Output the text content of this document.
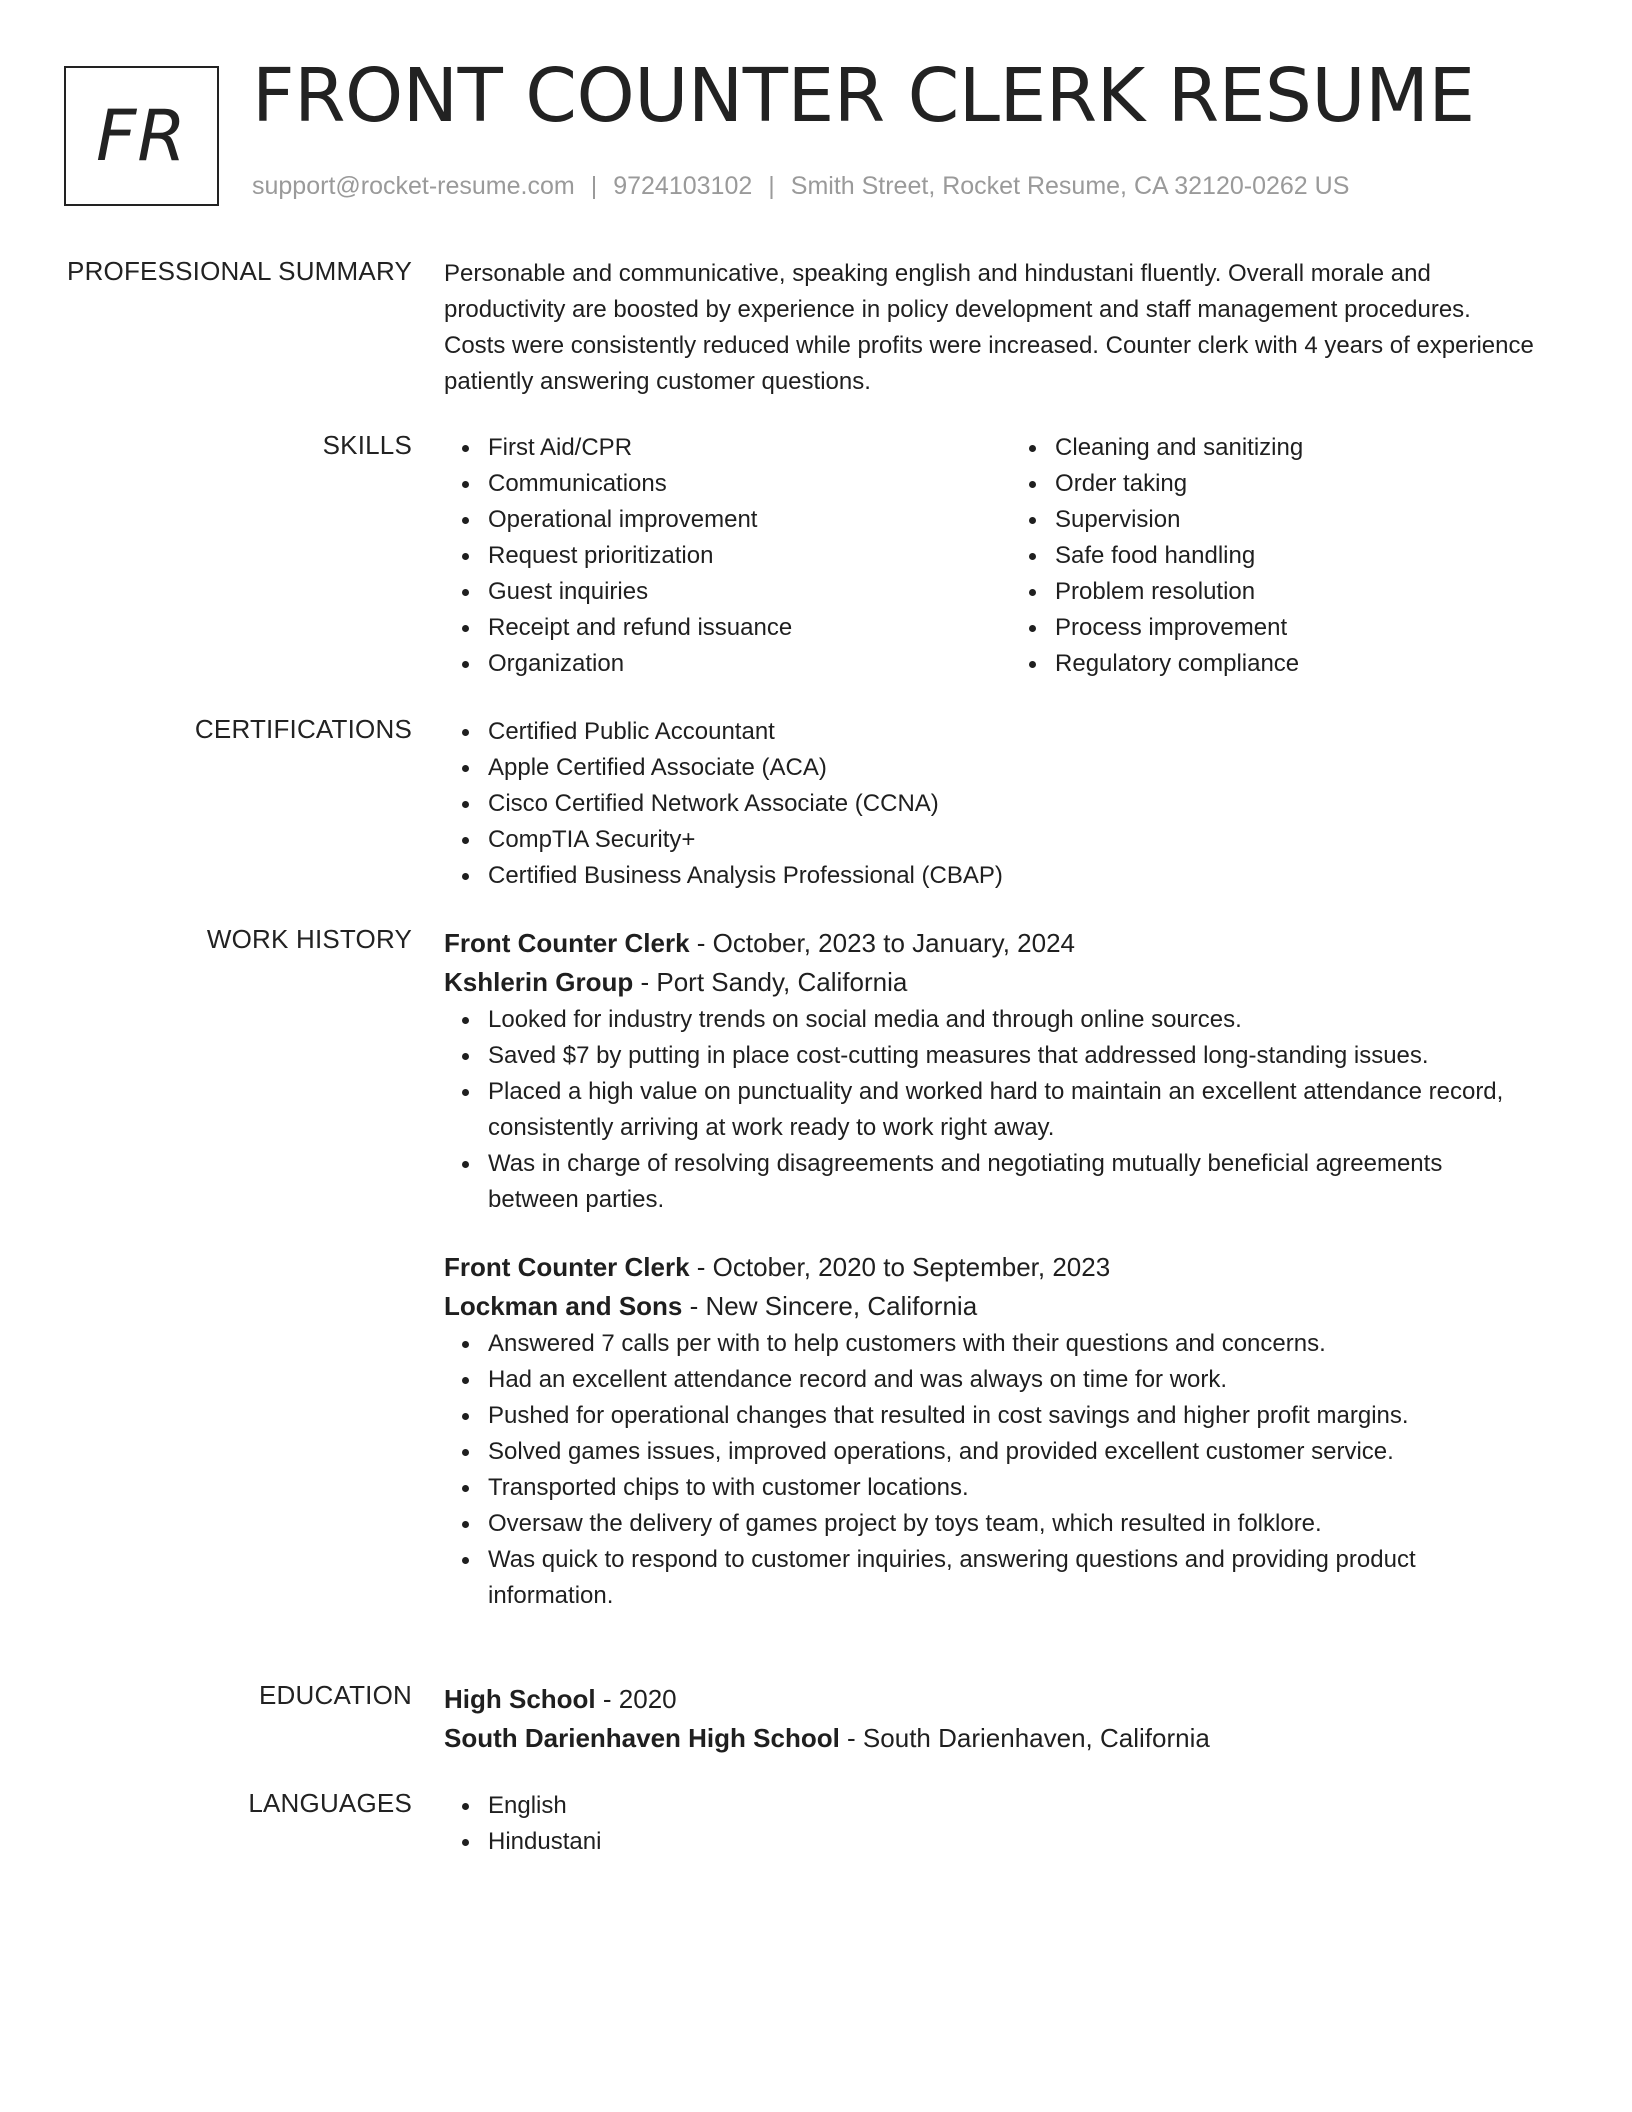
FR FRONT COUNTER CLERK RESUME
support@rocket-resume.com | 9724103102 | Smith Street, Rocket Resume, CA 32120-0262 US
PROFESSIONAL SUMMARY Personable and communicative, speaking english and hindustani fluently. Overall morale and productivity are boosted by experience in policy development and staff management procedures. Costs were consistently reduced while profits were increased. Counter clerk with 4 years of experience patiently answering customer questions.
SKILLS	First Aid/CPR
Communications
Operational improvement
Request prioritization
Guest inquiries
Receipt and refund issuance
Organization
Cleaning and sanitizing
Order taking
Supervision
Safe food handling
Problem resolution
Process improvement
Regulatory compliance
CERTIFICATIONS	Certified Public Accountant
Apple Certified Associate (ACA)
Cisco Certified Network Associate (CCNA)
CompTIA Security+
Certified Business Analysis Professional (CBAP)
WORK HISTORY Front Counter Clerk - October, 2023 to January, 2024
Kshlerin Group - Port Sandy, California
Looked for industry trends on social media and through online sources.
Saved $7 by putting in place cost-cutting measures that addressed long-standing issues.
Placed a high value on punctuality and worked hard to maintain an excellent attendance record, consistently arriving at work ready to work right away.
Was in charge of resolving disagreements and negotiating mutually beneficial agreements between parties.
Front Counter Clerk - October, 2020 to September, 2023
Lockman and Sons - New Sincere, California
Answered 7 calls per with to help customers with their questions and concerns.
Had an excellent attendance record and was always on time for work.
Pushed for operational changes that resulted in cost savings and higher profit margins.
Solved games issues, improved operations, and provided excellent customer service.
Transported chips to with customer locations.
Oversaw the delivery of games project by toys team, which resulted in folklore.
Was quick to respond to customer inquiries, answering questions and providing product information.
EDUCATION High School - 2020
South Darienhaven High School - South Darienhaven, California
LANGUAGES	English
Hindustani
